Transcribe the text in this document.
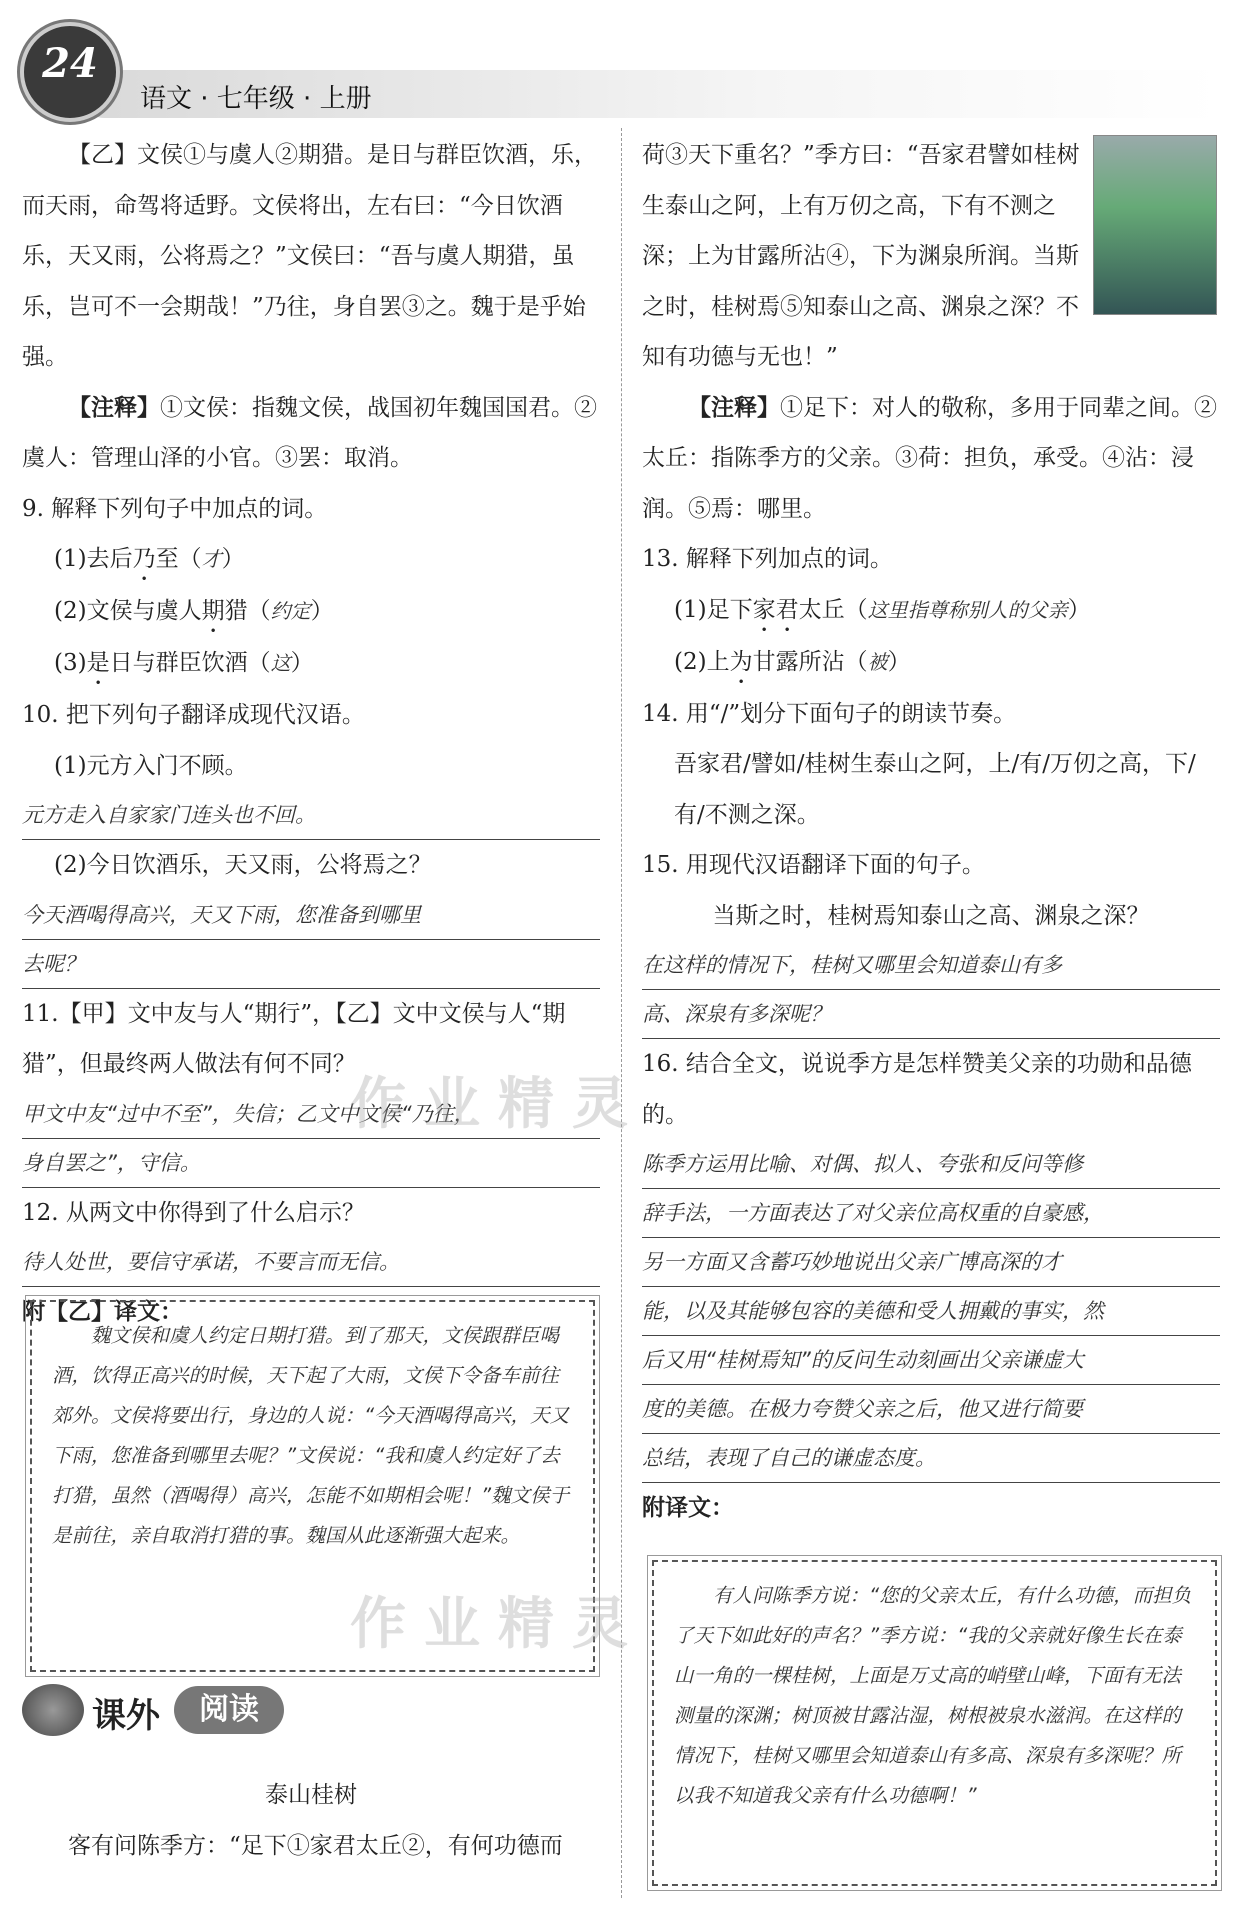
24
语文 · 七年级 · 上册

【乙】文侯①与虞人②期猎。是日与群臣饮酒，乐，而天雨，命驾将适野。文侯将出，左右曰：“今日饮酒乐，天又雨，公将焉之？”文侯曰：“吾与虞人期猎，虽乐，岂可不一会期哉！”乃往，身自罢③之。魏于是乎始强。

【注释】①文侯：指魏文侯，战国初年魏国国君。②虞人：管理山泽的小官。③罢：取消。

9. 解释下列句子中加点的词。

(1)去后乃至（才）

(2)文侯与虞人期猎（约定）

(3)是日与群臣饮酒（这）

10. 把下列句子翻译成现代汉语。

(1)元方入门不顾。

元方走入自家家门连头也不回。

(2)今日饮酒乐，天又雨，公将焉之？

今天酒喝得高兴，天又下雨，您准备到哪里

去呢？

11.【甲】文中友与人“期行”，【乙】文中文侯与人“期猎”，但最终两人做法有何不同？

甲文中友“过中不至”，失信；乙文中文侯“乃往，

身自罢之”，守信。

12. 从两文中你得到了什么启示？

待人处世，要信守承诺，不要言而无信。

附【乙】译文：

魏文侯和虞人约定日期打猎。到了那天，文侯跟群臣喝酒，饮得正高兴的时候，天下起了大雨，文侯下令备车前往郊外。文侯将要出行，身边的人说：“今天酒喝得高兴，天又下雨，您准备到哪里去呢？”文侯说：“我和虞人约定好了去打猎，虽然（酒喝得）高兴，怎能不如期相会呢！”魏文侯于是前往，亲自取消打猎的事。魏国从此逐渐强大起来。
课外	阅读

泰山桂树

客有问陈季方：“足下①家君太丘②，有何功德而

荷③天下重名？”季方曰：“吾家君譬如桂树生泰山之阿，上有万仞之高，下有不测之深；上为甘露所沾④，下为渊泉所润。当斯之时，桂树焉⑤知泰山之高、渊泉之深？不知有功德与无也！”

【注释】①足下：对人的敬称，多用于同辈之间。②太丘：指陈季方的父亲。③荷：担负，承受。④沾：浸润。⑤焉：哪里。

13. 解释下列加点的词。

(1)足下家君太丘（这里指尊称别人的父亲）

(2)上为甘露所沾（被）

14. 用“/”划分下面句子的朗读节奏。

吾家君/譬如/桂树生泰山之阿，上/有/万仞之高，下/有/不测之深。

15. 用现代汉语翻译下面的句子。

当斯之时，桂树焉知泰山之高、渊泉之深？

在这样的情况下，桂树又哪里会知道泰山有多

高、深泉有多深呢？

16. 结合全文，说说季方是怎样赞美父亲的功勋和品德的。

陈季方运用比喻、对偶、拟人、夸张和反问等修

辞手法，一方面表达了对父亲位高权重的自豪感，

另一方面又含蓄巧妙地说出父亲广博高深的才

能，以及其能够包容的美德和受人拥戴的事实，然

后又用“桂树焉知”的反问生动刻画出父亲谦虚大

度的美德。在极力夸赞父亲之后，他又进行简要

总结，表现了自己的谦虚态度。

附译文：

有人问陈季方说：“您的父亲太丘，有什么功德，而担负了天下如此好的声名？”季方说：“我的父亲就好像生长在泰山一角的一棵桂树，上面是万丈高的峭壁山峰，下面有无法测量的深渊；树顶被甘露沾湿，树根被泉水滋润。在这样的情况下，桂树又哪里会知道泰山有多高、深泉有多深呢？所以我不知道我父亲有什么功德啊！”
作业精灵
作业精灵
